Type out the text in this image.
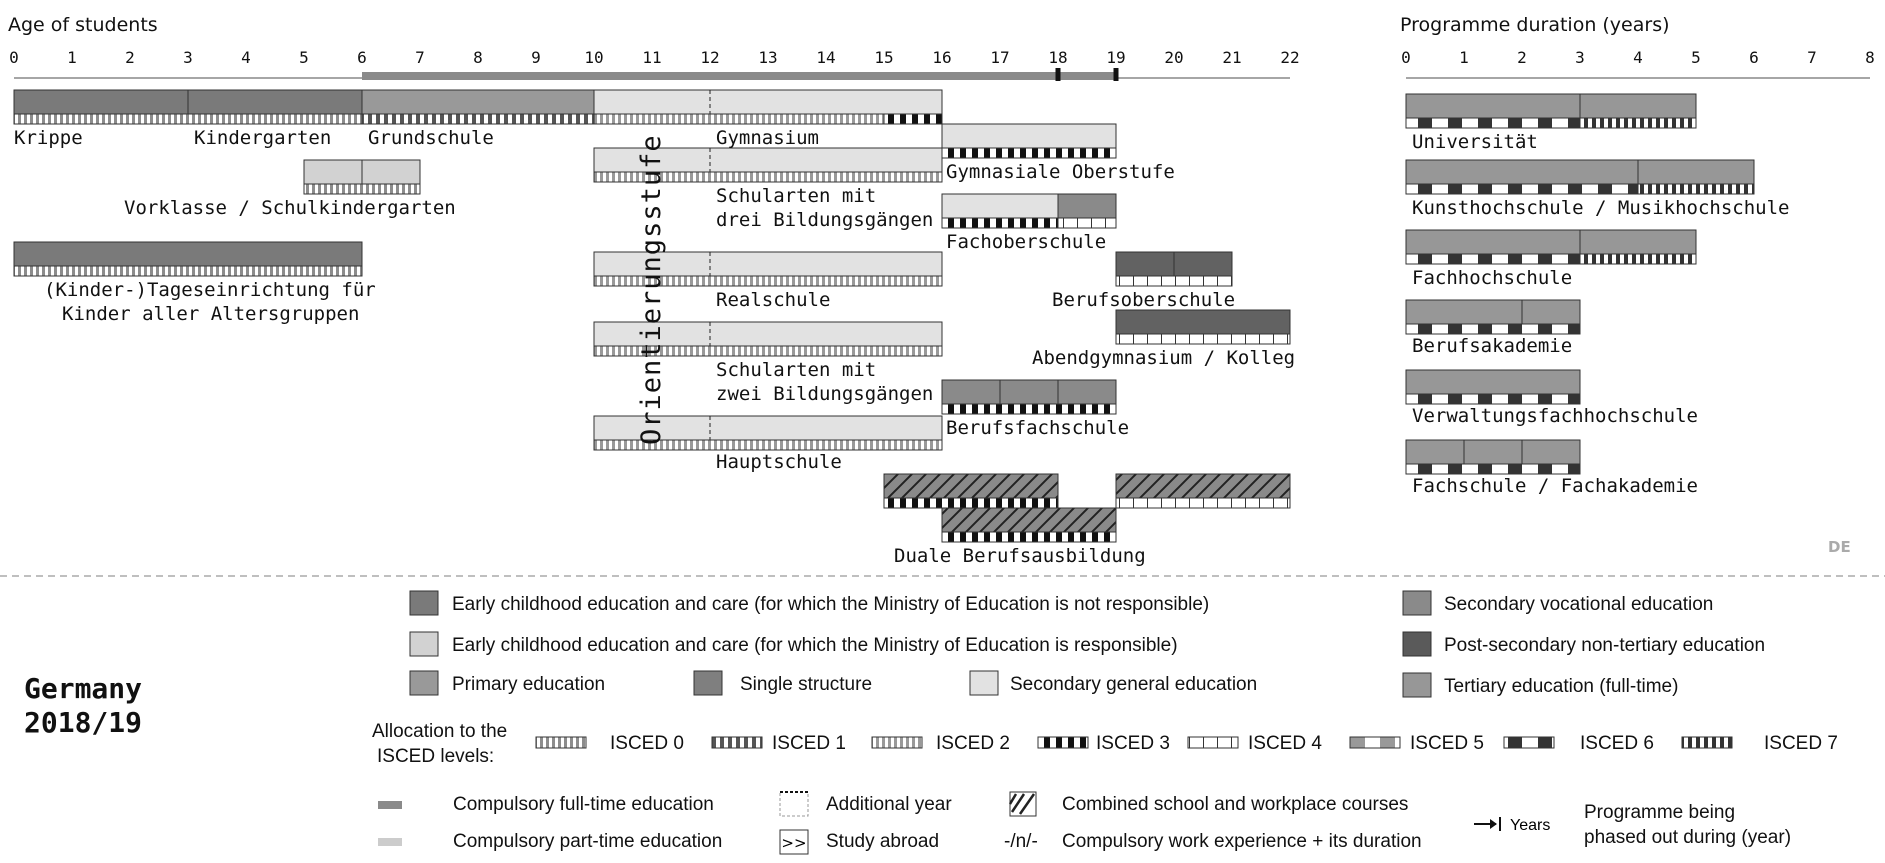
Age of students
0	1	2	3	4	5	6	7	8	9	10 11 12 13 14 15 16 17 18 19 20 21 22
Programme duration (years)
0	1	2	3	4	5	6	7	8
Orientierungsstufe
Krippe	Kindergarten Grundschule
Vorklasse / Schulkindergarten
(Kinder-)Tageseinrichtung für
Kinder aller Altersgruppen
Gymnasium
Schularten mit
drei Bildungsgängen
Realschule
Schularten mit
zwei Bildungsgängen
Hauptschule
Gymnasiale Oberstufe
Fachoberschule
Berufsoberschule
Abendgymnasium / Kolleg
Berufsfachschule
Duale Berufsausbildung
Universität
Kunsthochschule / Musikhochschule
Fachhochschule
Berufsakademie
Verwaltungsfachhochschule
Fachschule / Fachakademie
DE
Germany
2018/19
Early childhood education and care (for which the Ministry of Education is not responsible)
Early childhood education and care (for which the Ministry of Education is responsible)
Primary education	Single structure	Secondary general education
Secondary vocational education
Post-secondary non-tertiary education
Tertiary education (full-time)
Allocation to the
ISCED levels:
ISCED 0	ISCED 1	ISCED 2	ISCED 3	ISCED 4	ISCED 5	ISCED 6	ISCED 7
Compulsory full-time education
Compulsory part-time education
Additional year
>> Study abroad
Combined school and workplace courses
-/n/- Compulsory work experience + its duration
Years
Programme being
phased out during (year)
